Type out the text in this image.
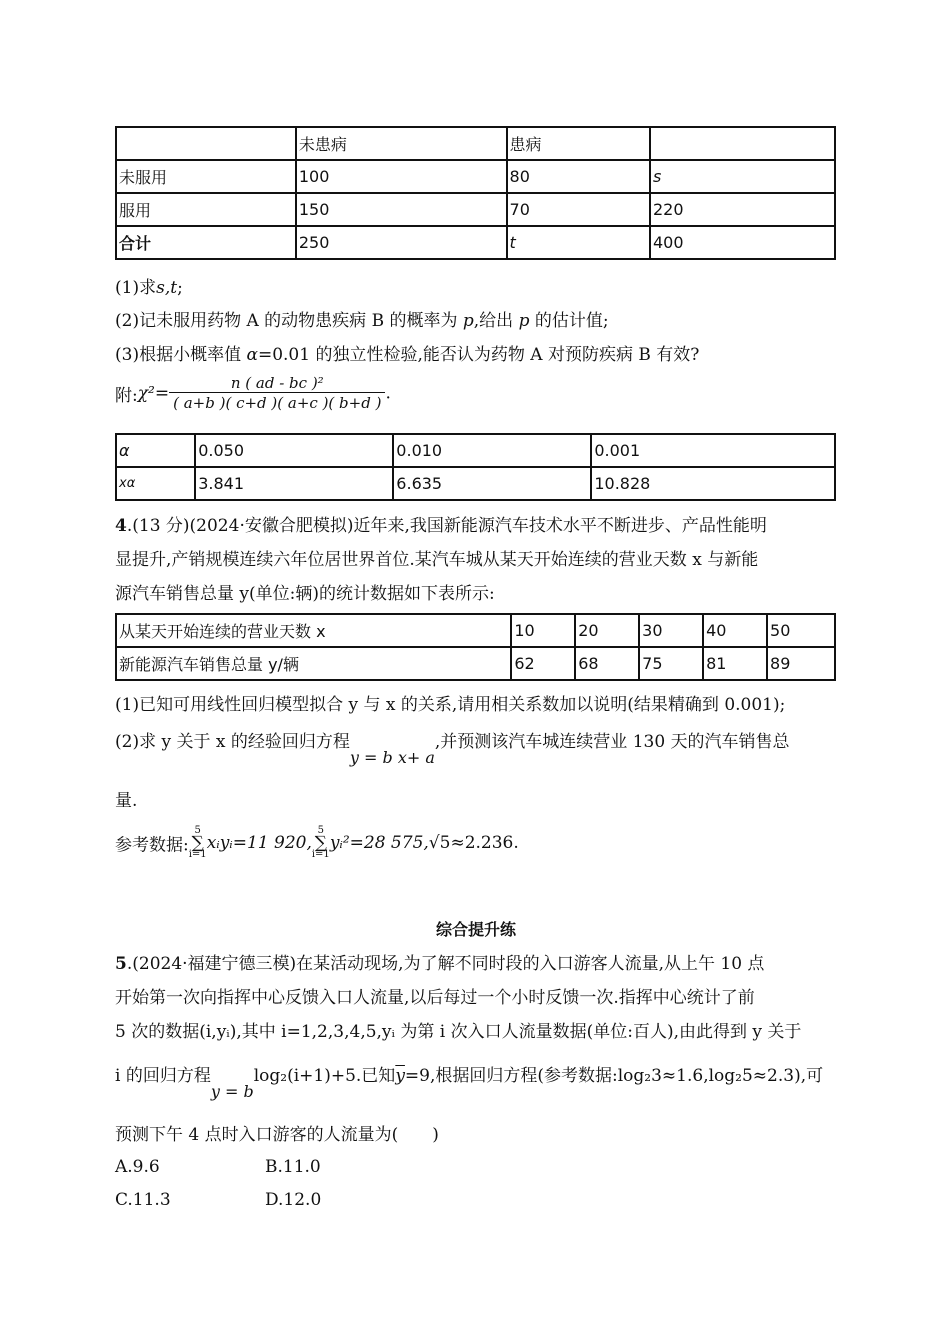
	未患病	患病	
未服用	100	80	s
服用	150	70	220
合计	250	t	400
(1)求s,t;
(2)记未服用药物 A 的动物患疾病 B 的概率为 p,给出 p 的估计值;
(3)根据小概率值 α=0.01 的独立性检验,能否认为药物 A 对预防疾病 B 有效?
附:χ²= $\frac{\text{n ( ad - bc )²}}{( a+b )( c+d )( a+c )( b+d )}$ .
α	0.050	0.010	0.001
xα	3.841	6.635	10.828
4.(13 分)(2024·安徽合肥模拟)近年来,我国新能源汽车技术水平不断进步、产品性能明
显提升,产销规模连续六年位居世界首位.某汽车城从某天开始连续的营业天数 x 与新能
源汽车销售总量 y(单位:辆)的统计数据如下表所示:
从某天开始连续的营业天数 x	10	20	30	40	50
新能源汽车销售总量 y/辆	62	68	75	81	89
(1)已知可用线性回归模型拟合 y 与 x 的关系,请用相关系数加以说明(结果精确到 0.001);
(2)求 y 关于 x 的经验回归方程y = b x+ a,并预测该汽车城连续营业 130 天的汽车销售总
量.
参考数据:
5
∑
i=1
xᵢyᵢ=11 920,
5
∑
i=1
yᵢ²=28 575,√5≈2.236.
综合提升练
5.(2024·福建宁德三模)在某活动现场,为了解不同时段的入口游客人流量,从上午 10 点
开始第一次向指挥中心反馈入口人流量,以后每过一个小时反馈一次.指挥中心统计了前
5 次的数据(i,yᵢ),其中 i=1,2,3,4,5,yᵢ 为第 i 次入口人流量数据(单位:百人),由此得到 y 关于
i 的回归方程y = blog₂(i+1)+5.已知$\overline{y}=9$,根据回归方程(参考数据:log₂3≈1.6,log₂5≈2.3),可
预测下午 4 点时入口游客的人流量为(　　)
A.9.6	B.11.0
C.11.3	D.12.0
